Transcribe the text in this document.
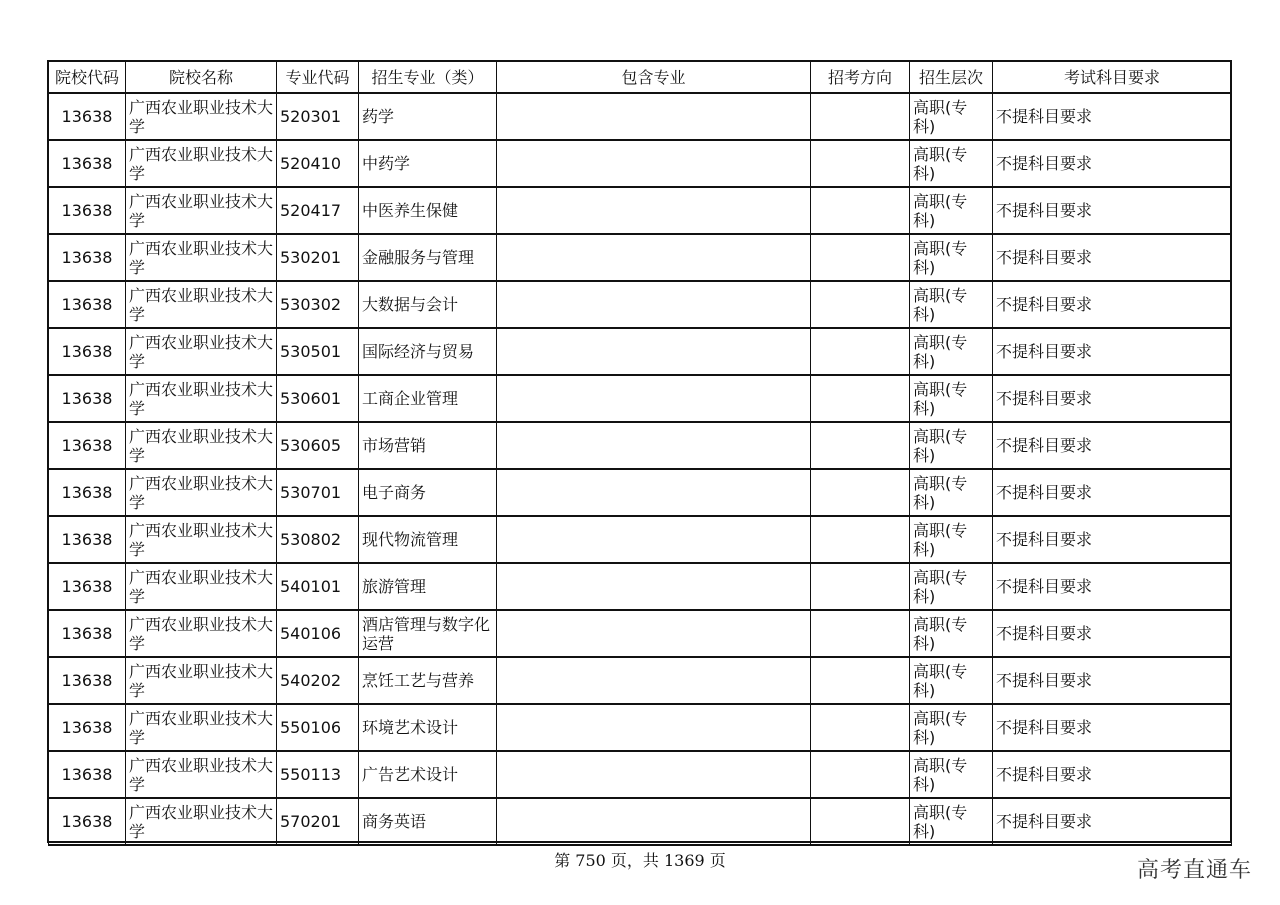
院校代码	院校名称	专业代码	招生专业（类）	包含专业	招考方向	招生层次	考试科目要求
13638	广西农业职业技术大学	520301	药学			高职(专科)	不提科目要求
13638	广西农业职业技术大学	520410	中药学			高职(专科)	不提科目要求
13638	广西农业职业技术大学	520417	中医养生保健			高职(专科)	不提科目要求
13638	广西农业职业技术大学	530201	金融服务与管理			高职(专科)	不提科目要求
13638	广西农业职业技术大学	530302	大数据与会计			高职(专科)	不提科目要求
13638	广西农业职业技术大学	530501	国际经济与贸易			高职(专科)	不提科目要求
13638	广西农业职业技术大学	530601	工商企业管理			高职(专科)	不提科目要求
13638	广西农业职业技术大学	530605	市场营销			高职(专科)	不提科目要求
13638	广西农业职业技术大学	530701	电子商务			高职(专科)	不提科目要求
13638	广西农业职业技术大学	530802	现代物流管理			高职(专科)	不提科目要求
13638	广西农业职业技术大学	540101	旅游管理			高职(专科)	不提科目要求
13638	广西农业职业技术大学	540106	酒店管理与数字化运营			高职(专科)	不提科目要求
13638	广西农业职业技术大学	540202	烹饪工艺与营养			高职(专科)	不提科目要求
13638	广西农业职业技术大学	550106	环境艺术设计			高职(专科)	不提科目要求
13638	广西农业职业技术大学	550113	广告艺术设计			高职(专科)	不提科目要求
13638	广西农业职业技术大学	570201	商务英语			高职(专科)	不提科目要求
第 750 页，共 1369 页	高考直通车
